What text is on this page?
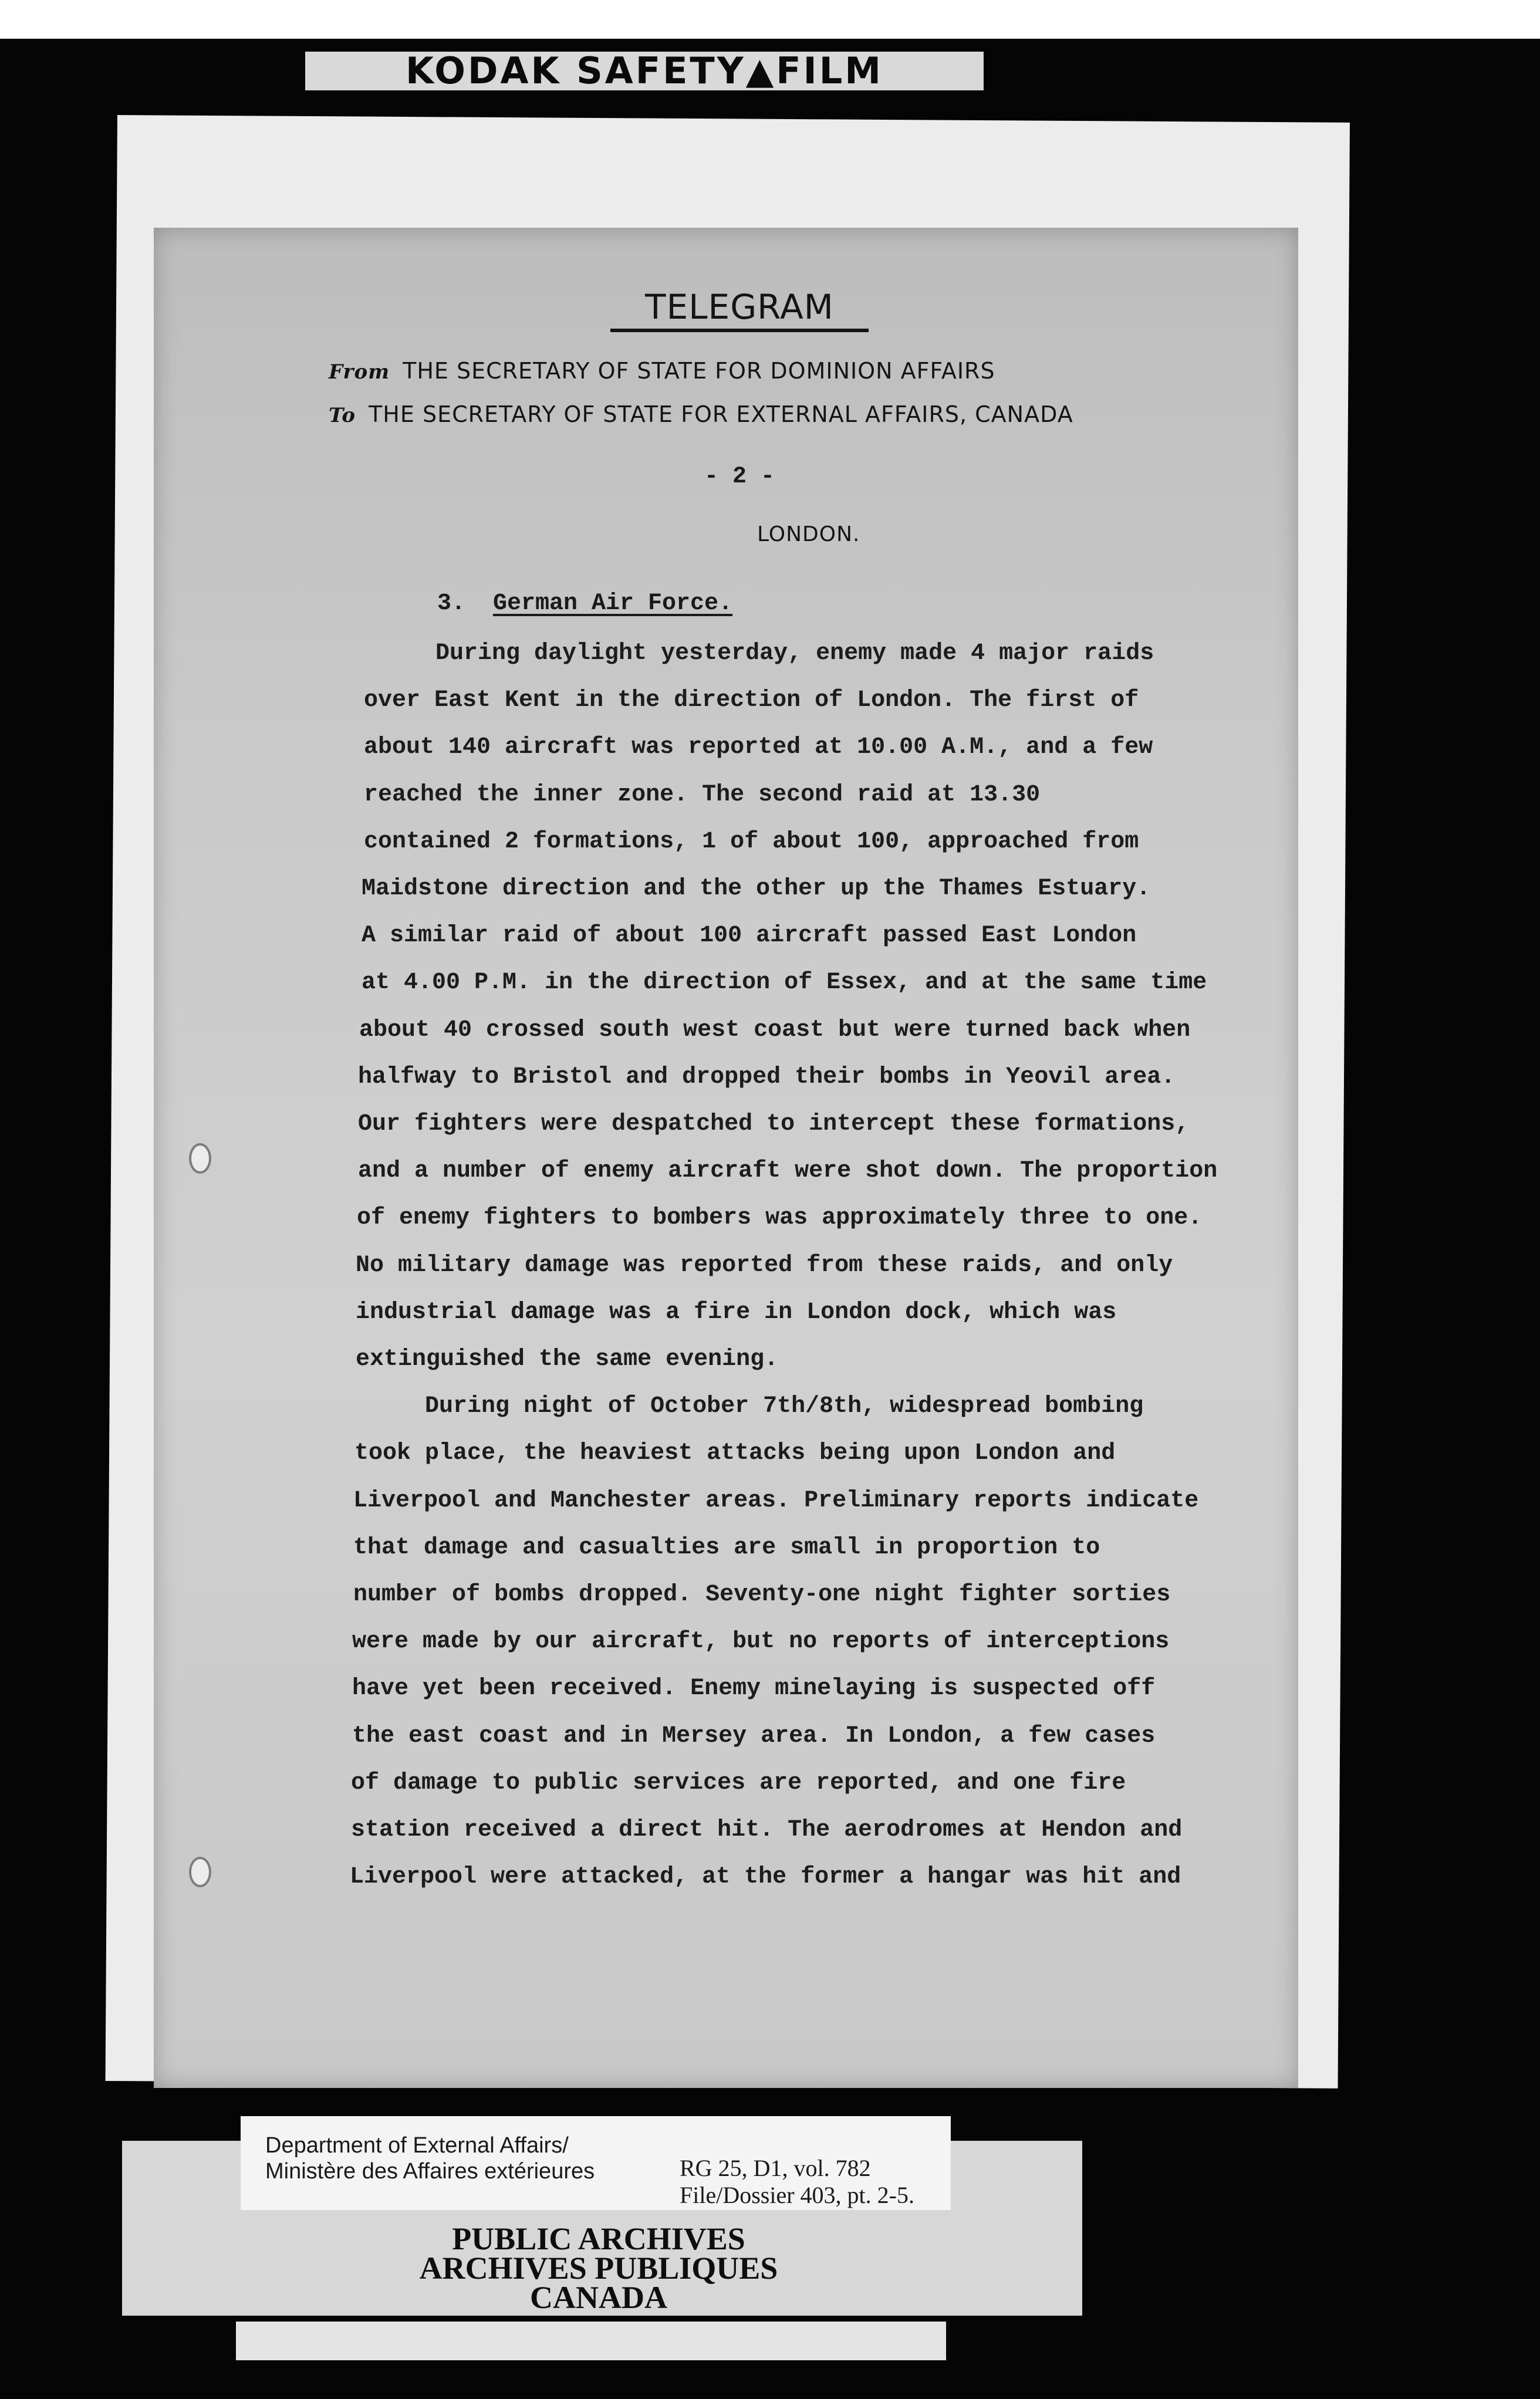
KODAK SAFETY▲FILM
TELEGRAM
From THE SECRETARY OF STATE FOR DOMINION AFFAIRS
To THE SECRETARY OF STATE FOR EXTERNAL AFFAIRS, CANADA
- 2 -
LONDON.
3. German Air Force.
During daylight yesterday, enemy made 4 major raids
over East Kent in the direction of London. The first of
about 140 aircraft was reported at 10.00 A.M., and a few
reached the inner zone. The second raid at 13.30
contained 2 formations, 1 of about 100, approached from
Maidstone direction and the other up the Thames Estuary.
A similar raid of about 100 aircraft passed East London
at 4.00 P.M. in the direction of Essex, and at the same time
about 40 crossed south west coast but were turned back when
halfway to Bristol and dropped their bombs in Yeovil area.
Our fighters were despatched to intercept these formations,
and a number of enemy aircraft were shot down. The proportion
of enemy fighters to bombers was approximately three to one.
No military damage was reported from these raids, and only
industrial damage was a fire in London dock, which was
extinguished the same evening.
During night of October 7th/8th, widespread bombing
took place, the heaviest attacks being upon London and
Liverpool and Manchester areas. Preliminary reports indicate
that damage and casualties are small in proportion to
number of bombs dropped. Seventy-one night fighter sorties
were made by our aircraft, but no reports of interceptions
have yet been received. Enemy minelaying is suspected off
the east coast and in Mersey area. In London, a few cases
of damage to public services are reported, and one fire
station received a direct hit. The aerodromes at Hendon and
Liverpool were attacked, at the former a hangar was hit and
Department of External Affairs/
Ministère des Affaires extérieures	RG 25, D1, vol. 782
File/Dossier 403, pt. 2-5.
PUBLIC ARCHIVES
ARCHIVES PUBLIQUES
CANADA
